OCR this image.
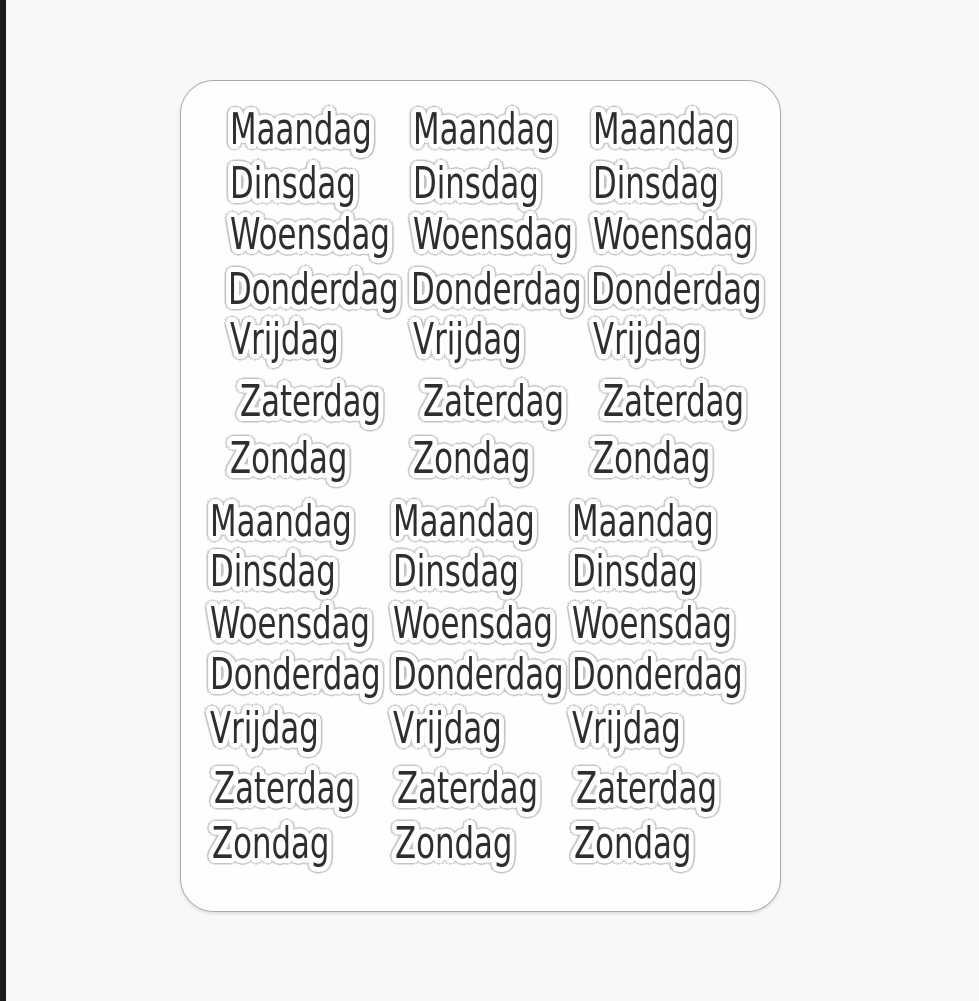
Maandag Maandag Maandag
Dinsdag Dinsdag Dinsdag
Woensdag Woensdag Woensdag
Donderdag Donderdag Donderdag
Vrijdag Vrijdag Vrijdag
Zaterdag Zaterdag Zaterdag
Zondag Zondag Zondag
Maandag Maandag Maandag
Dinsdag Dinsdag Dinsdag
Woensdag Woensdag Woensdag
Donderdag Donderdag Donderdag
Vrijdag Vrijdag Vrijdag
Zaterdag Zaterdag Zaterdag
Zondag Zondag Zondag
